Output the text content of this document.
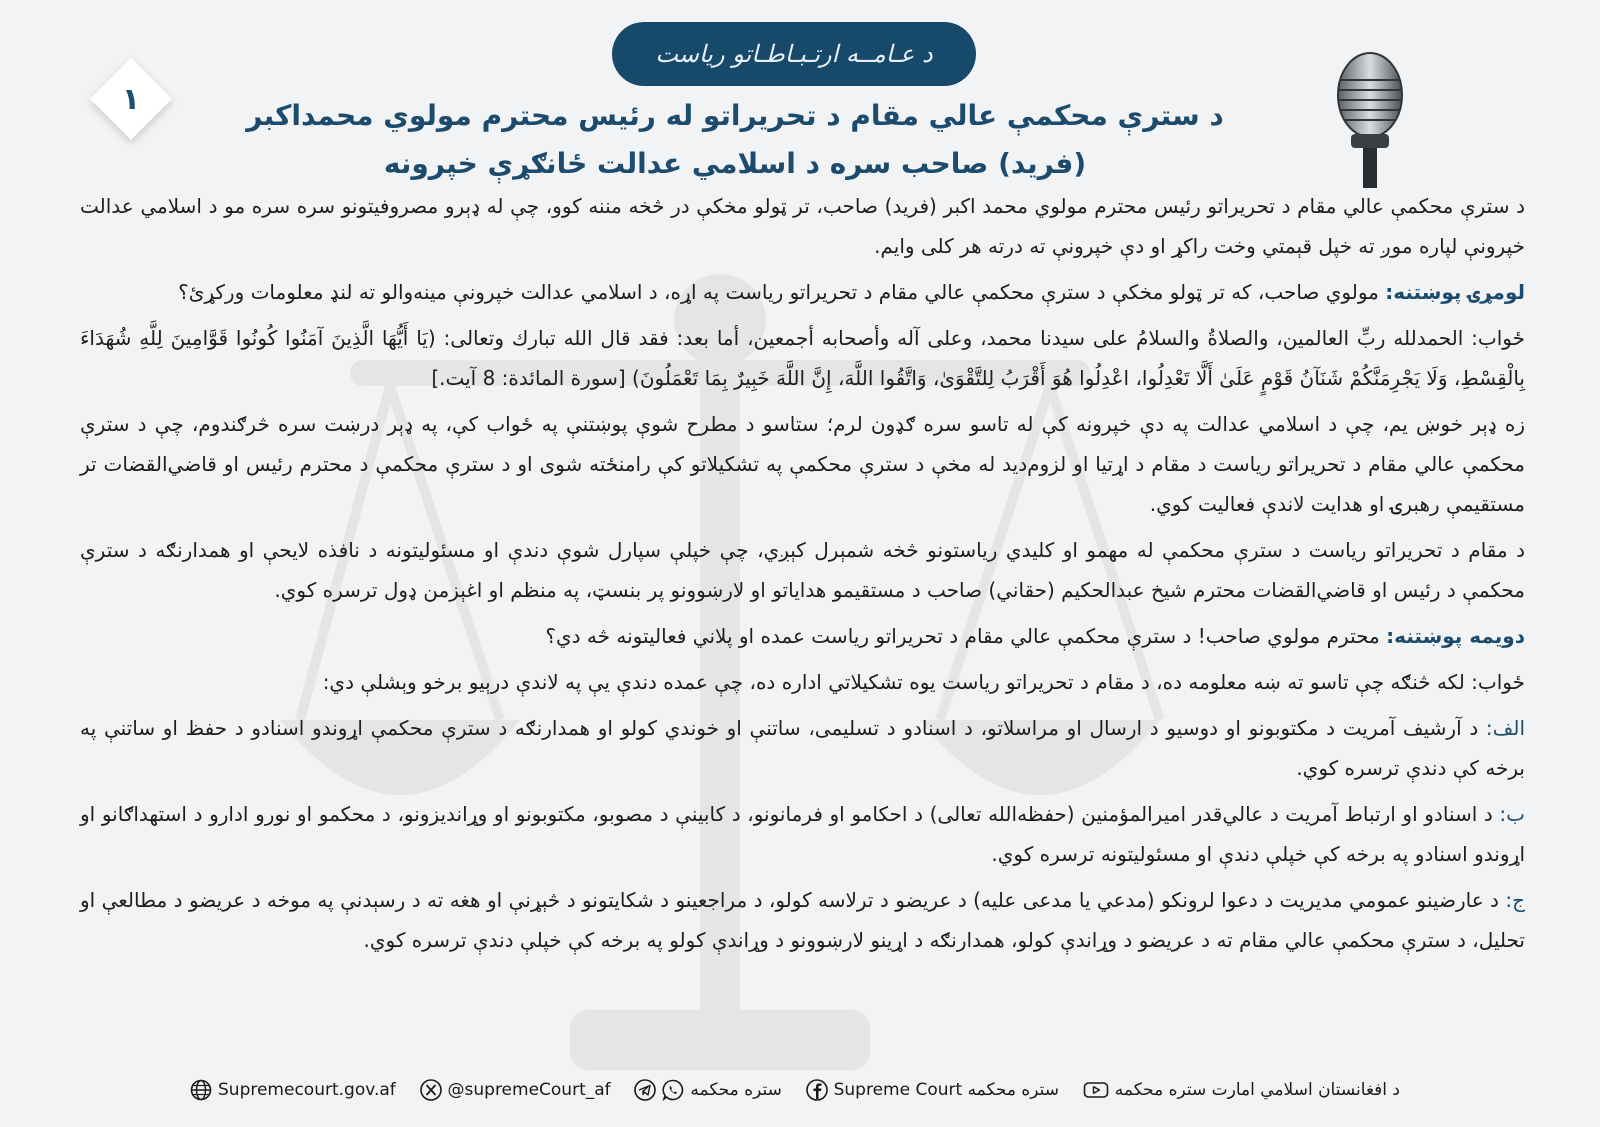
د عـامــه ارتـبـاطـاتو ریاست
۱	د سترې محکمې عالي مقام د تحریراتو له رئیس محترم مولوي محمداکبر
(فرید) صاحب سره د اسلامي عدالت ځانګړې خپرونه

د سترې محکمې عالي مقام د تحريراتو رئيس محترم مولوي محمد اکبر (فريد) صاحب، تر ټولو مخکې در څخه مننه کوو، چې له ډېرو مصروفيتونو سره سره مو د اسلامي عدالت خپرونې لپاره موږ ته خپل قېمتي وخت راکړ او دې خپرونې ته درته هر کلی وايم.

لومړۍ پوښتنه: مولوي صاحب، که تر ټولو مخکې د سترې محکمې عالي مقام د تحريراتو رياست په اړه، د اسلامي عدالت خپرونې مينه‌والو ته لنډ معلومات ورکړئ؟

ځواب: الحمدلله ربِّ العالمين، والصلاةُ والسلامُ على سيدنا محمد، وعلى آله وأصحابه أجمعين، أما بعد: فقد قال الله تبارك وتعالى: (يَا أَيُّهَا الَّذِينَ آمَنُوا كُونُوا قَوَّامِينَ لِلَّهِ شُهَدَاءَ بِالْقِسْطِ، وَلَا يَجْرِمَنَّكُمْ شَنَآنُ قَوْمٍ عَلَىٰ أَلَّا تَعْدِلُوا، اعْدِلُوا هُوَ أَقْرَبُ لِلتَّقْوَىٰ، وَاتَّقُوا اللَّهَ، إِنَّ اللَّهَ خَبِيرٌ بِمَا تَعْمَلُونَ) [سورة المائدة: 8 آيت.]

زه ډېر خوښ يم، چې د اسلامي عدالت په دې خپرونه کې له تاسو سره ګډون لرم؛ ستاسو د مطرح شوې پوښتنې په ځواب کې، په ډېر درښت سره څرګندوم، چې د سترې محکمې عالي مقام د تحريراتو رياست د مقام د اړتيا او لزوم‌ديد له مخې د سترې محکمې په تشکيلاتو کې رامنځته شوی او د سترې محکمې د محترم رئيس او قاضي‌القضات تر مستقيمې رهبرۍ او هدايت لاندې فعاليت کوي.

د مقام د تحريراتو رياست د سترې محکمې له مهمو او کليدي رياستونو څخه شمېرل کېږي، چې خپلې سپارل شوې دندې او مسئوليتونه د نافذه لايحې او همدارنګه د سترې محکمې د رئيس او قاضي‌القضات محترم شيخ عبدالحکيم (حقاني) صاحب د مستقيمو هداياتو او لارښوونو پر بنسټ، په منظم او اغېزمن ډول ترسره کوي.

دويمه پوښتنه: محترم مولوي صاحب! د سترې محکمې عالي مقام د تحريراتو رياست عمده او پلاني فعاليتونه څه دي؟

ځواب: لکه څنګه چې تاسو ته ښه معلومه ده، د مقام د تحريراتو رياست يوه تشکيلاتي اداره ده، چې عمده دندې يې په لاندې درېيو برخو وېشلې دي:

الف: د آرشيف آمريت د مکتوبونو او دوسيو د ارسال او مراسلاتو، د اسنادو د تسليمی، ساتنې او خوندي کولو او همدارنګه د سترې محکمې اړوندو اسنادو د حفظ او ساتنې په برخه کې دندې ترسره کوي.

ب: د اسنادو او ارتباط آمريت د عالي‌قدر اميرالمؤمنين (حفظه‌الله تعالی) د احکامو او فرمانونو، د کابينې د مصوبو، مکتوبونو او وړانديزونو، د محکمو او نورو ادارو د استهداګانو او اړوندو اسنادو په برخه کې خپلې دندې او مسئوليتونه ترسره کوي.

ج: د عارضينو عمومي مديريت د دعوا لرونکو (مدعي يا مدعی عليه) د عريضو د ترلاسه کولو، د مراجعينو د شکايتونو د څېړنې او هغه ته د رسېدنې په موخه د عريضو د مطالعې او تحليل، د سترې محکمې عالي مقام ته د عريضو د وړاندې کولو، همدارنګه د اړينو لارښوونو د وړاندې کولو په برخه کې خپلې دندې ترسره کوي.

Supremecourt.gov.af	@supremeCourt_af	ستره محکمه	Supreme Court ستره محکمه	د افغانستان اسلامي امارت ستره محکمه
